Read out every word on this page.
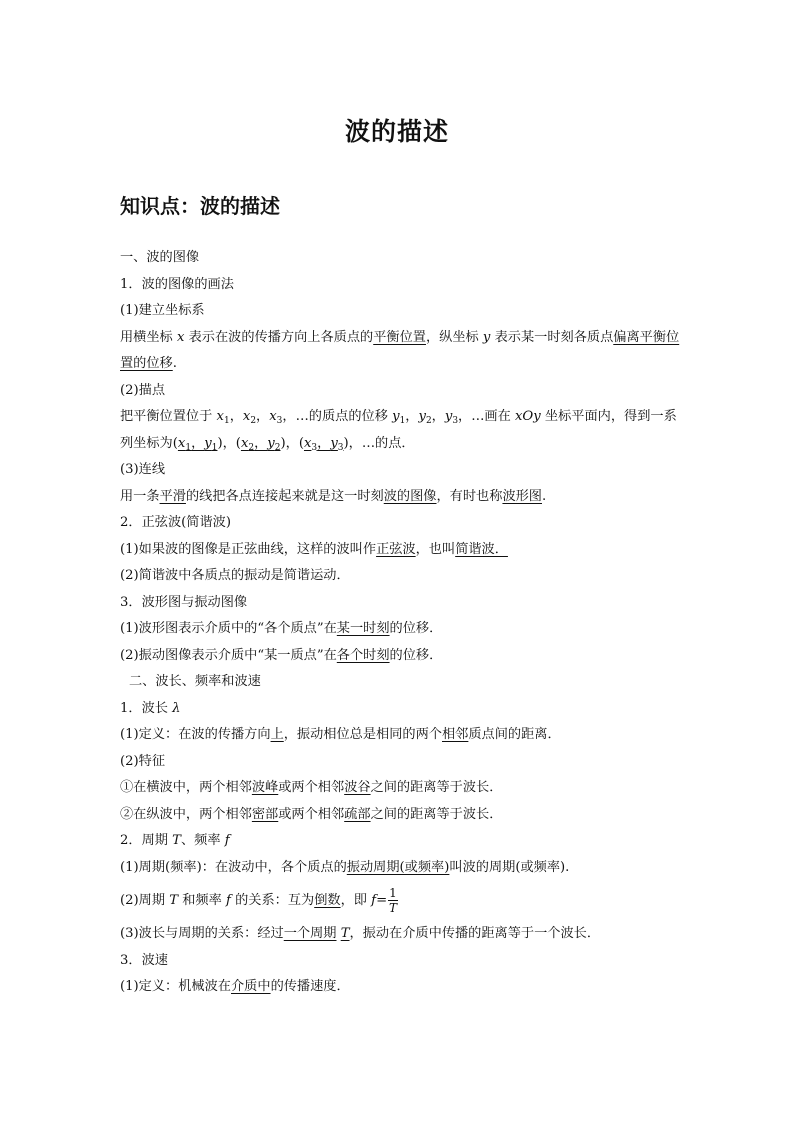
波的描述
知识点：波的描述
一、波的图像
1．波的图像的画法
(1)建立坐标系
用横坐标 x 表示在波的传播方向上各质点的平衡位置，纵坐标 y 表示某一时刻各质点偏离平衡位置的位移.
(2)描点
把平衡位置位于 $x_1$，$x_2$，$x_3$，…的质点的位移 $y_1$，$y_2$，$y_3$，…画在 xOy 坐标平面内，得到一系列坐标为($x_1$，$y_1$)，($x_2$，$y_2$)，($x_3$，$y_3$)，…的点．
(3)连线
用一条平滑的线把各点连接起来就是这一时刻波的图像，有时也称波形图.
2．正弦波(简谐波)
(1)如果波的图像是正弦曲线，这样的波叫作正弦波，也叫简谐波．
(2)简谐波中各质点的振动是简谐运动．
3．波形图与振动图像
(1)波形图表示介质中的“各个质点”在某一时刻的位移．
(2)振动图像表示介质中“某一质点”在各个时刻的位移．
二、波长、频率和波速
1．波长 λ
(1)定义：在波的传播方向上，振动相位总是相同的两个相邻质点间的距离．
(2)特征
①在横波中，两个相邻波峰或两个相邻波谷之间的距离等于波长．
②在纵波中，两个相邻密部或两个相邻疏部之间的距离等于波长．
2．周期 T、频率 f
(1)周期(频率)：在波动中，各个质点的振动周期(或频率)叫波的周期(或频率).
(2)周期 T 和频率 f 的关系：互为倒数，即 $f= \frac{1}{T}$
(3)波长与周期的关系：经过一个周期 T，振动在介质中传播的距离等于一个波长．
3．波速
(1)定义：机械波在介质中的传播速度．
